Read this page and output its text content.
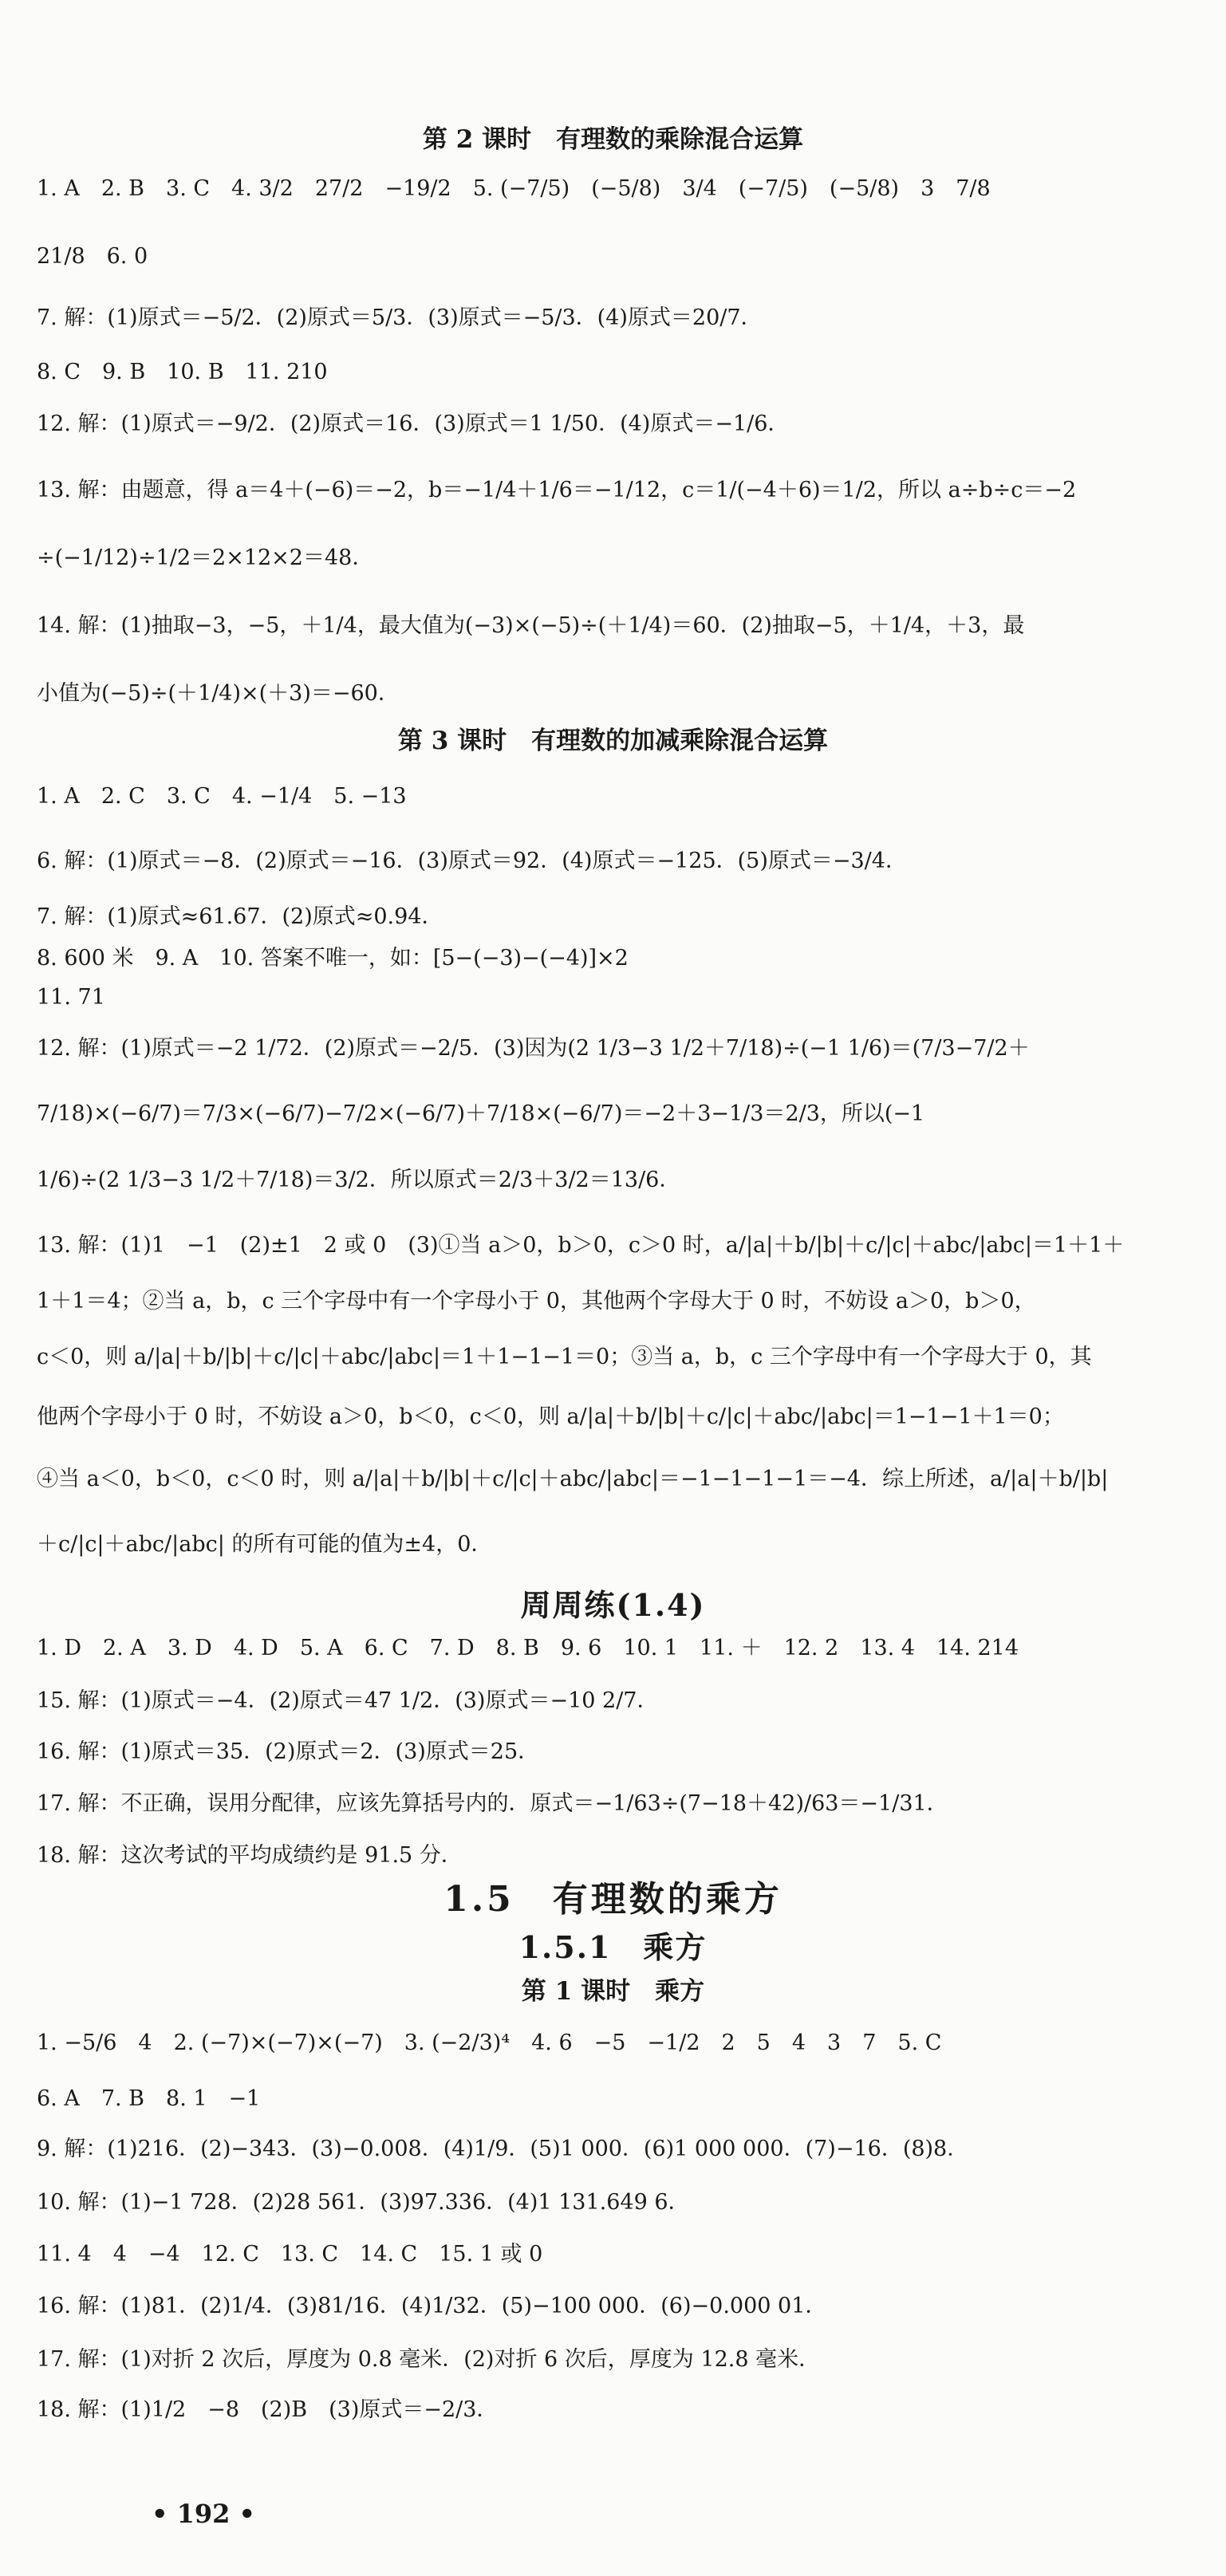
第 2 课时　有理数的乘除混合运算
1. A　2. B　3. C　4. 3/2　27/2　−19/2　5. (−7/5)　(−5/8)　3/4　(−7/5)　(−5/8)　3　7/8
21/8　6. 0
7. 解：(1)原式＝−5/2．(2)原式＝5/3．(3)原式＝−5/3．(4)原式＝20/7．
8. C　9. B　10. B　11. 210
12. 解：(1)原式＝−9/2．(2)原式＝16．(3)原式＝1 1/50．(4)原式＝−1/6．
13. 解：由题意，得 a＝4＋(−6)＝−2，b＝−1/4＋1/6＝−1/12，c＝1/(−4＋6)＝1/2，所以 a÷b÷c＝−2
÷(−1/12)÷1/2＝2×12×2＝48．
14. 解：(1)抽取−3，−5，＋1/4，最大值为(−3)×(−5)÷(＋1/4)＝60．(2)抽取−5，＋1/4，＋3，最
小值为(−5)÷(＋1/4)×(＋3)＝−60．
第 3 课时　有理数的加减乘除混合运算
1. A　2. C　3. C　4. −1/4　5. −13
6. 解：(1)原式＝−8．(2)原式＝−16．(3)原式＝92．(4)原式＝−125．(5)原式＝−3/4．
7. 解：(1)原式≈61.67．(2)原式≈0.94．
8. 600 米　9. A　10. 答案不唯一，如：[5−(−3)−(−4)]×2
11. 71
12. 解：(1)原式＝−2 1/72．(2)原式＝−2/5．(3)因为(2 1/3−3 1/2＋7/18)÷(−1 1/6)＝(7/3−7/2＋
7/18)×(−6/7)＝7/3×(−6/7)−7/2×(−6/7)＋7/18×(−6/7)＝−2＋3−1/3＝2/3，所以(−1
1/6)÷(2 1/3−3 1/2＋7/18)＝3/2．所以原式＝2/3＋3/2＝13/6．
13. 解：(1)1　−1　(2)±1　2 或 0　(3)①当 a＞0，b＞0，c＞0 时，a/|a|＋b/|b|＋c/|c|＋abc/|abc|＝1＋1＋
1＋1＝4；②当 a，b，c 三个字母中有一个字母小于 0，其他两个字母大于 0 时，不妨设 a＞0，b＞0，
c＜0，则 a/|a|＋b/|b|＋c/|c|＋abc/|abc|＝1＋1−1−1＝0；③当 a，b，c 三个字母中有一个字母大于 0，其
他两个字母小于 0 时，不妨设 a＞0，b＜0，c＜0，则 a/|a|＋b/|b|＋c/|c|＋abc/|abc|＝1−1−1＋1＝0；
④当 a＜0，b＜0，c＜0 时，则 a/|a|＋b/|b|＋c/|c|＋abc/|abc|＝−1−1−1−1＝−4．综上所述，a/|a|＋b/|b|
＋c/|c|＋abc/|abc| 的所有可能的值为±4，0．
周周练(1.4)
1. D　2. A　3. D　4. D　5. A　6. C　7. D　8. B　9. 6　10. 1　11. ＋　12. 2　13. 4　14. 214
15. 解：(1)原式＝−4．(2)原式＝47 1/2．(3)原式＝−10 2/7．
16. 解：(1)原式＝35．(2)原式＝2．(3)原式＝25．
17. 解：不正确，误用分配律，应该先算括号内的．原式＝−1/63÷(7−18＋42)/63＝−1/31．
18. 解：这次考试的平均成绩约是 91.5 分．
1.5　有理数的乘方
1.5.1　乘方
第 1 课时　乘方
1. −5/6　4　2. (−7)×(−7)×(−7)　3. (−2/3)⁴　4. 6　−5　−1/2　2　5　4　3　7　5. C
6. A　7. B　8. 1　−1
9. 解：(1)216．(2)−343．(3)−0.008．(4)1/9．(5)1 000．(6)1 000 000．(7)−16．(8)8．
10. 解：(1)−1 728．(2)28 561．(3)97.336．(4)1 131.649 6．
11. 4　4　−4　12. C　13. C　14. C　15. 1 或 0
16. 解：(1)81．(2)1/4．(3)81/16．(4)1/32．(5)−100 000．(6)−0.000 01．
17. 解：(1)对折 2 次后，厚度为 0.8 毫米．(2)对折 6 次后，厚度为 12.8 毫米．
18. 解：(1)1/2　−8　(2)B　(3)原式＝−2/3．
• 192 •
